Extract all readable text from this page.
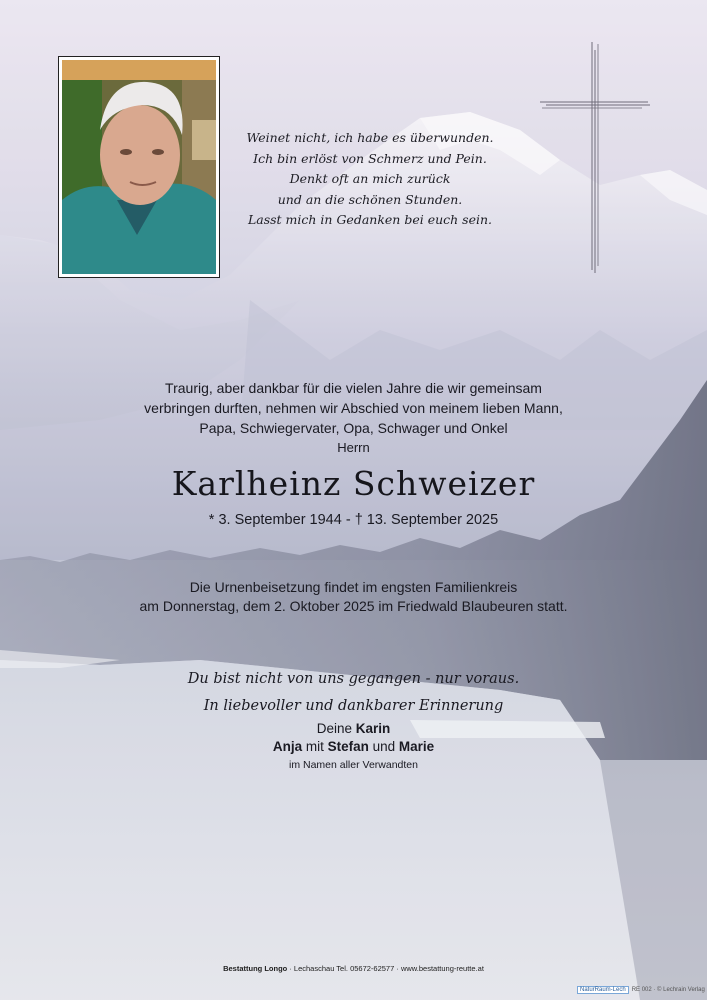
Weinet nicht, ich habe es überwunden.
Ich bin erlöst von Schmerz und Pein.
Denkt oft an mich zurück
und an die schönen Stunden.
Lasst mich in Gedanken bei euch sein.
Traurig, aber dankbar für die vielen Jahre die wir gemeinsam
verbringen durften, nehmen wir Abschied von meinem lieben Mann,
Papa, Schwiegervater, Opa, Schwager und Onkel
Herrn
Karlheinz Schweizer
* 3. September 1944 - † 13. September 2025
Die Urnenbeisetzung findet im engsten Familienkreis
am Donnerstag, dem 2. Oktober 2025 im Friedwald Blaubeuren statt.
Du bist nicht von uns gegangen - nur voraus.
In liebevoller und dankbarer Erinnerung
Deine Karin
Anja mit Stefan und Marie
im Namen aller Verwandten
Bestattung Longo · Lechaschau Tel. 05672-62577 · www.bestattung-reutte.at
NaturRaum-Lech RE 002 · © Lechrain Verlag
